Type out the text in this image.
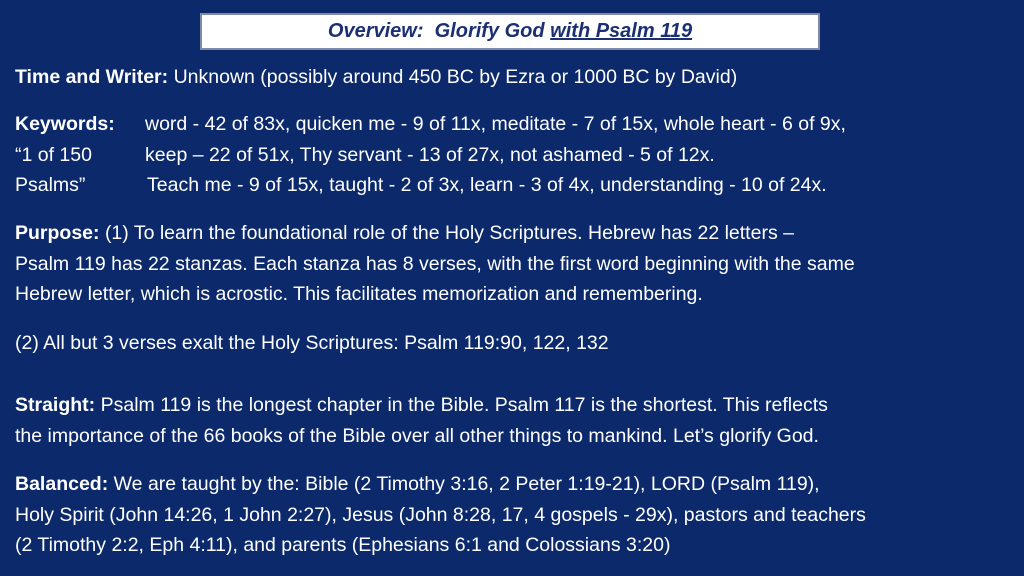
Overview:  Glorify God with Psalm 119
Time and Writer: Unknown (possibly around 450 BC by Ezra or 1000 BC by David)
Keywords: word - 42 of 83x, quicken me - 9 of 11x, meditate - 7 of 15x, whole heart - 6 of 9x,
“1 of 150	keep – 22 of 51x, Thy servant - 13 of 27x, not ashamed - 5 of 12x.
Psalms”	Teach me - 9 of 15x, taught - 2 of 3x, learn - 3 of 4x, understanding - 10 of 24x.
Purpose: (1) To learn the foundational role of the Holy Scriptures. Hebrew has 22 letters –
Psalm 119 has 22 stanzas. Each stanza has 8 verses, with the first word beginning with the same
Hebrew letter, which is acrostic. This facilitates memorization and remembering.
(2) All but 3 verses exalt the Holy Scriptures: Psalm 119:90, 122, 132
Straight: Psalm 119 is the longest chapter in the Bible. Psalm 117 is the shortest. This reflects
the importance of the 66 books of the Bible over all other things to mankind. Let’s glorify God.
Balanced: We are taught by the: Bible (2 Timothy 3:16, 2 Peter 1:19-21), LORD (Psalm 119),
Holy Spirit (John 14:26, 1 John 2:27), Jesus (John 8:28, 17, 4 gospels - 29x), pastors and teachers
(2 Timothy 2:2, Eph 4:11), and parents (Ephesians 6:1 and Colossians 3:20)
